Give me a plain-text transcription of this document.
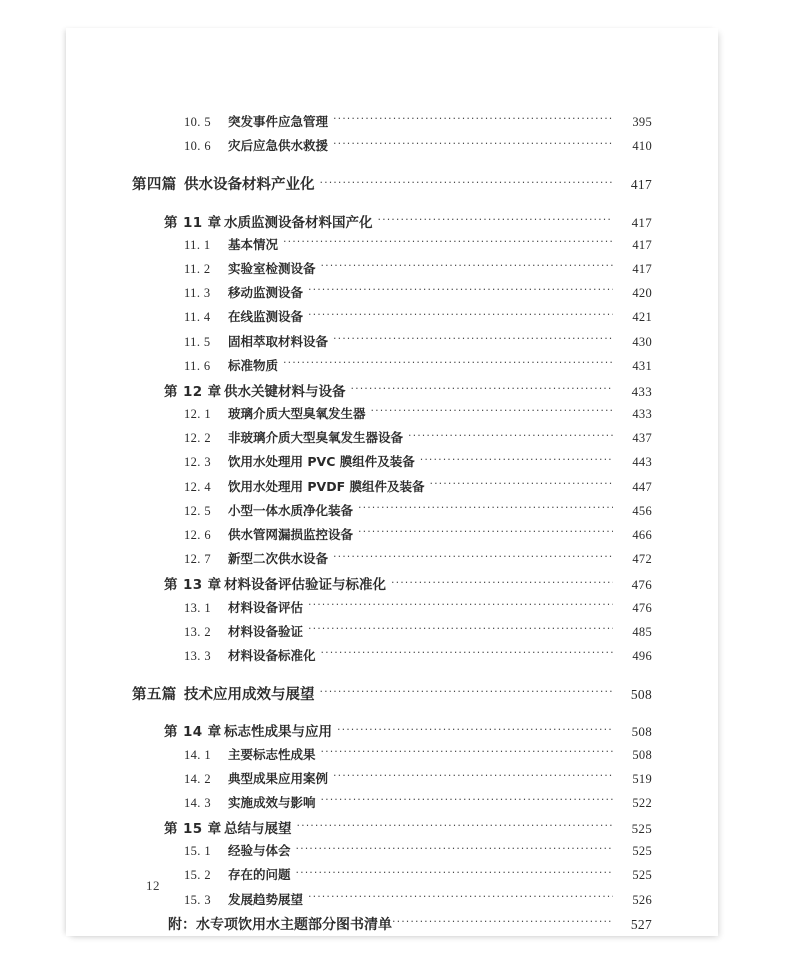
10. 5	突发事件应急管理 ·····	395
10. 6	灾后应急供水救援 ·····	410
第四篇 供水设备材料产业化 ·····	417
第 11 章 水质监测设备材料国产化 ·····	417
11. 1	基本情况 ·····	417
11. 2	实验室检测设备 ·····	417
11. 3	移动监测设备 ·····	420
11. 4	在线监测设备 ·····	421
11. 5	固相萃取材料设备 ·····	430
11. 6	标准物质 ·····	431
第 12 章 供水关键材料与设备 ·····	433
12. 1	玻璃介质大型臭氧发生器 ·····	433
12. 2	非玻璃介质大型臭氧发生器设备 ·····	437
12. 3	饮用水处理用 PVC 膜组件及装备 ·····	443
12. 4	饮用水处理用 PVDF 膜组件及装备 ·····	447
12. 5	小型一体水质净化装备 ·····	456
12. 6	供水管网漏损监控设备 ·····	466
12. 7	新型二次供水设备 ·····	472
第 13 章 材料设备评估验证与标准化 ·····	476
13. 1	材料设备评估 ·····	476
13. 2	材料设备验证 ·····	485
13. 3	材料设备标准化 ·····	496
第五篇 技术应用成效与展望 ·····	508
第 14 章 标志性成果与应用 ·····	508
14. 1	主要标志性成果 ·····	508
14. 2	典型成果应用案例 ·····	519
14. 3	实施成效与影响 ·····	522
第 15 章 总结与展望 ·····	525
15. 1	经验与体会 ·····	525
15. 2	存在的问题 ·····	525
15. 3	发展趋势展望 ·····	526
附：水专项饮用水主题部分图书清单 ·····	527
12
